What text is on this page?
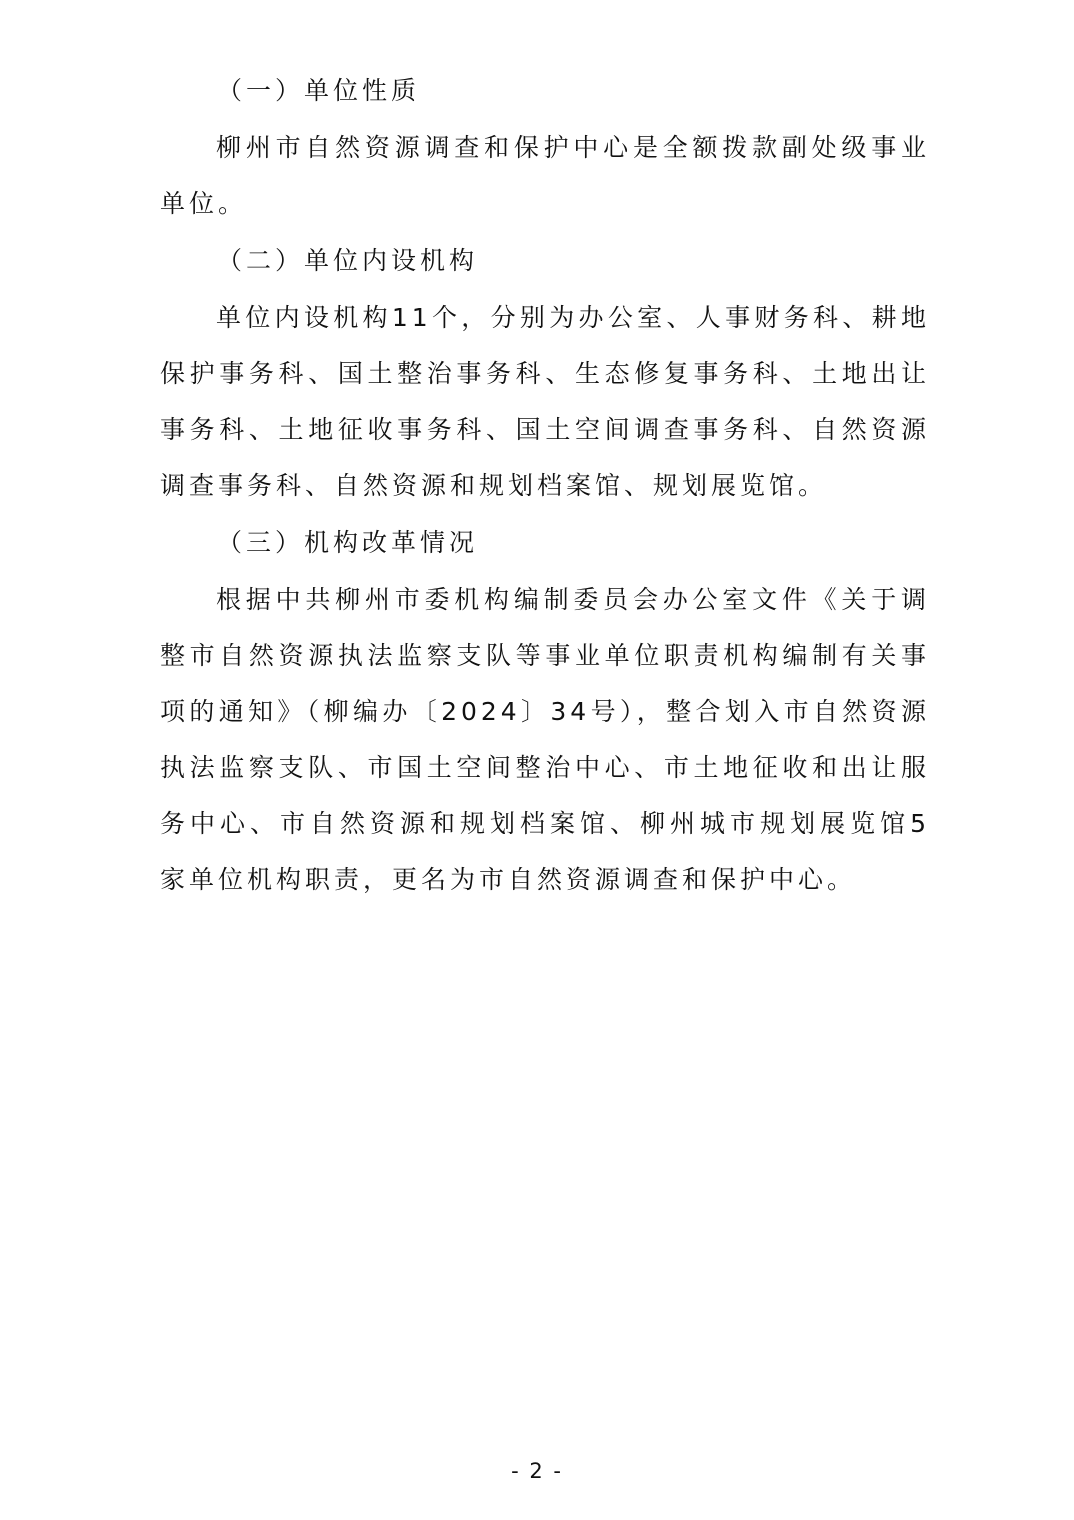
（一）单位性质

柳州市自然资源调查和保护中心是全额拨款副处级事业单位。

（二）单位内设机构

单位内设机构11个，分别为办公室、人事财务科、耕地保护事务科、国土整治事务科、生态修复事务科、土地出让事务科、土地征收事务科、国土空间调查事务科、自然资源调查事务科、自然资源和规划档案馆、规划展览馆。

（三）机构改革情况

根据中共柳州市委机构编制委员会办公室文件《关于调整市自然资源执法监察支队等事业单位职责机构编制有关事项的通知》（柳编办〔2024〕34号），整合划入市自然资源执法监察支队、市国土空间整治中心、市土地征收和出让服务中心、市自然资源和规划档案馆、柳州城市规划展览馆5家单位机构职责，更名为市自然资源调查和保护中心。

- 2 -
